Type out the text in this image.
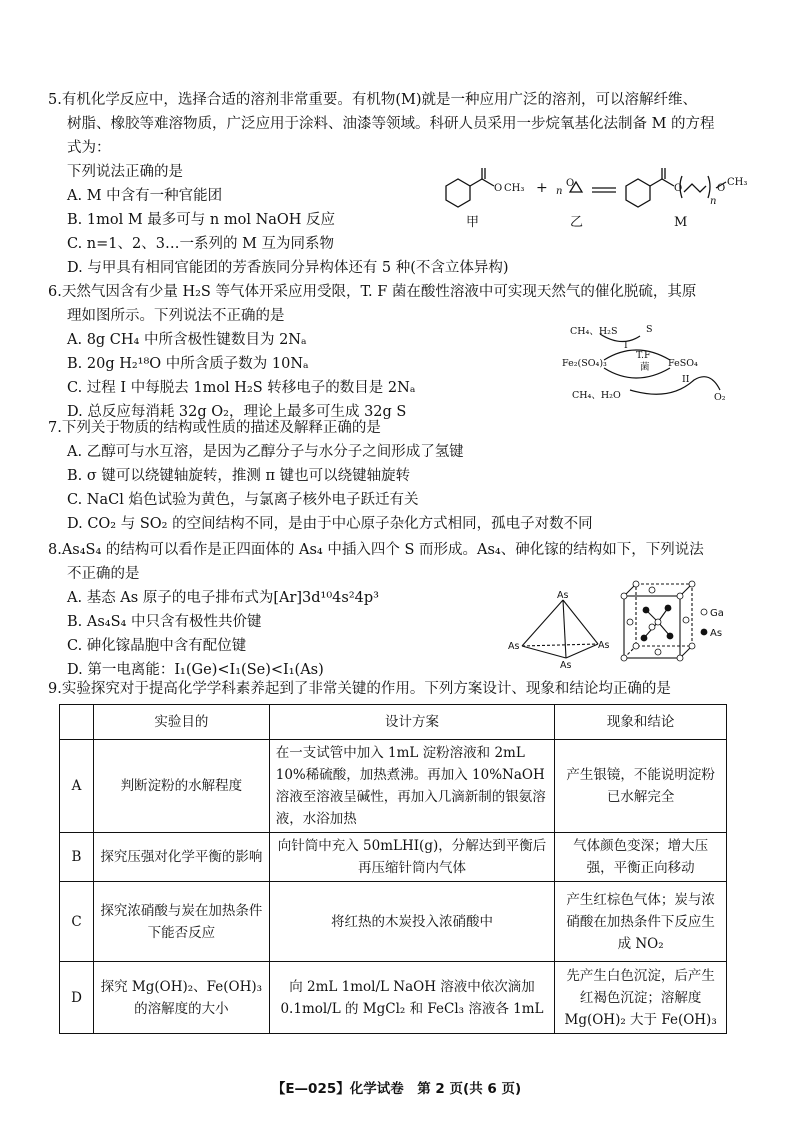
5.有机化学反应中，选择合适的溶剂非常重要。有机物(M)就是一种应用广泛的溶剂，可以溶解纤维、
树脂、橡胶等难溶物质，广泛应用于涂料、油漆等领域。科研人员采用一步烷氧基化法制备 M 的方程
式为：
下列说法正确的是
A. M 中含有一种官能团
B. 1mol M 最多可与 n mol NaOH 反应
C. n=1、2、3…一系列的 M 互为同系物
D. 与甲具有相同官能团的芳香族同分异构体还有 5 种(不含立体异构)
O CH₃ + n
O	O
n
O
CH₃
甲	乙	M
6.天然气因含有少量 H₂S 等气体开采应用受限，T. F 菌在酸性溶液中可实现天然气的催化脱硫，其原
理如图所示。下列说法不正确的是
A. 8g CH₄ 中所含极性键数目为 2Nₐ
B. 20g H₂¹⁸O 中所含质子数为 10Nₐ
C. 过程 I 中每脱去 1mol H₂S 转移电子的数目是 2Nₐ
D. 总反应每消耗 32g O₂，理论上最多可生成 32g S
CH₄、H₂S	S
I
Fe₂(SO₄)₃
T.F
菌 FeSO₄
II
CH₄、H₂O	O₂
7.下列关于物质的结构或性质的描述及解释正确的是
A. 乙醇可与水互溶，是因为乙醇分子与水分子之间形成了氢键
B. σ 键可以绕键轴旋转，推测 π 键也可以绕键轴旋转
C. NaCl 焰色试验为黄色，与氯离子核外电子跃迁有关
D. CO₂ 与 SO₂ 的空间结构不同，是由于中心原子杂化方式相同，孤电子对数不同
8.As₄S₄ 的结构可以看作是正四面体的 As₄ 中插入四个 S 而形成。As₄、砷化镓的结构如下，下列说法
不正确的是
A. 基态 As 原子的电子排布式为[Ar]3d¹⁰4s²4p³
B. As₄S₄ 中只含有极性共价键
C. 砷化镓晶胞中含有配位键
D. 第一电离能：I₁(Ge)<I₁(Se)<I₁(As)
As
As	As
As
Ga
As
9.实验探究对于提高化学学科素养起到了非常关键的作用。下列方案设计、现象和结论均正确的是
	实验目的	设计方案	现象和结论
A	判断淀粉的水解程度	在一支试管中加入 1mL 淀粉溶液和 2mL 10%稀硫酸，加热煮沸。再加入 10%NaOH 溶液至溶液呈碱性，再加入几滴新制的银氨溶液，水浴加热	产生银镜，不能说明淀粉已水解完全
B	探究压强对化学平衡的影响	向针筒中充入 50mLHI(g)，分解达到平衡后再压缩针筒内气体	气体颜色变深；增大压强，平衡正向移动
C	探究浓硝酸与炭在加热条件下能否反应	将红热的木炭投入浓硝酸中	产生红棕色气体；炭与浓硝酸在加热条件下反应生成 NO₂
D	探究 Mg(OH)₂、Fe(OH)₃ 的溶解度的大小	向 2mL 1mol/L NaOH 溶液中依次滴加 0.1mol/L 的 MgCl₂ 和 FeCl₃ 溶液各 1mL	先产生白色沉淀，后产生红褐色沉淀；溶解度 Mg(OH)₂ 大于 Fe(OH)₃
【E—025】化学试卷　第 2 页(共 6 页)
